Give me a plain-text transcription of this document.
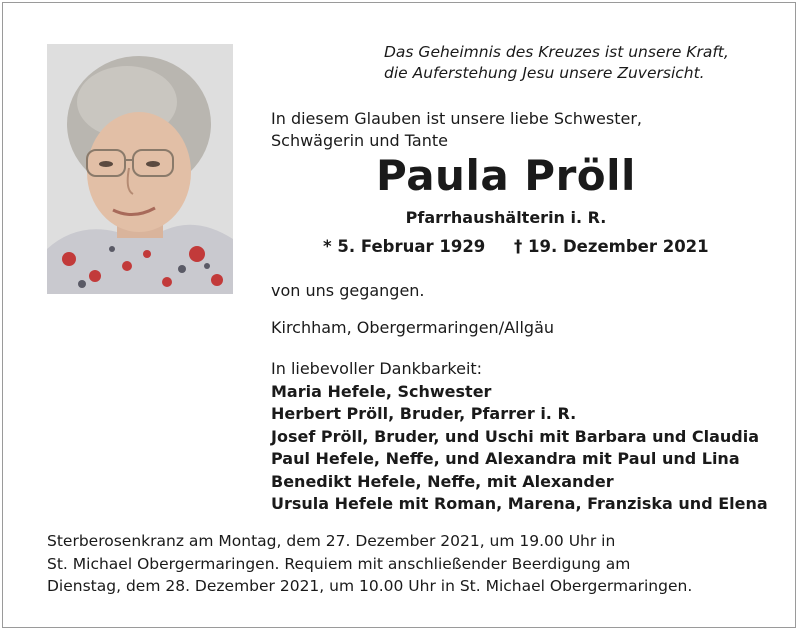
Das Geheimnis des Kreuzes ist unsere Kraft,
die Auferstehung Jesu unsere Zuversicht.
In diesem Glauben ist unsere liebe Schwester,
Schwägerin und Tante
Paula Pröll
Pfarrhaushälterin i. R.
* 5. Februar 1929 † 19. Dezember 2021
von uns gegangen.
Kirchham, Obergermaringen/Allgäu
In liebevoller Dankbarkeit:
Maria Hefele, Schwester
Herbert Pröll, Bruder, Pfarrer i. R.
Josef Pröll, Bruder, und Uschi mit Barbara und Claudia
Paul Hefele, Neffe, und Alexandra mit Paul und Lina
Benedikt Hefele, Neffe, mit Alexander
Ursula Hefele mit Roman, Marena, Franziska und Elena
Sterberosenkranz am Montag, dem 27. Dezember 2021, um 19.00 Uhr in
St. Michael Obergermaringen. Requiem mit anschließender Beerdigung am
Dienstag, dem 28. Dezember 2021, um 10.00 Uhr in St. Michael Obergermaringen.
